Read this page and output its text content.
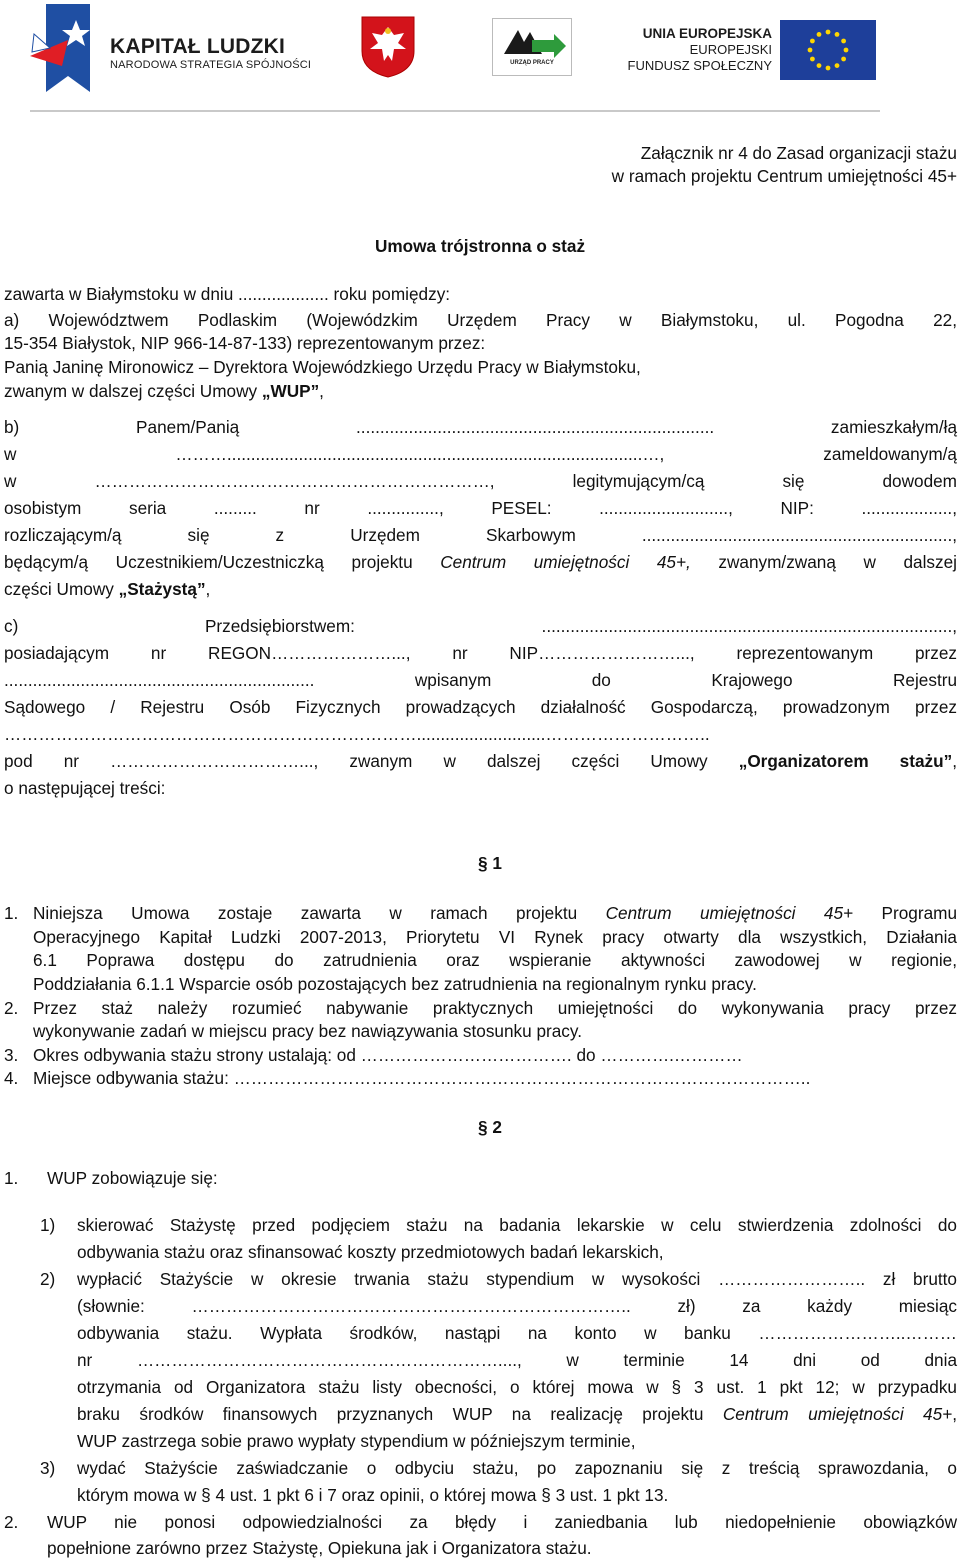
KAPITAŁ LUDZKI
NARODOWA STRATEGIA SPÓJNOŚCI	URZĄD PRACY
UNIA EUROPEJSKA
EUROPEJSKI
FUNDUSZ SPOŁECZNY
Załącznik nr 4 do Zasad organizacji stażu
w ramach projektu Centrum umiejętności 45+
Umowa trójstronna o staż
zawarta w Białymstoku w dniu ................... roku pomiędzy:
a) Województwem Podlaskim (Wojewódzkim Urzędem Pracy w Białymstoku, ul. Pogodna 22,
15-354 Białystok, NIP 966-14-87-133) reprezentowanym przez:
Panią Janinę Mironowicz – Dyrektora Wojewódzkiego Urzędu Pracy w Białymstoku,
zwanym w dalszej części Umowy „WUP”,
b) Panem/Panią ........................................................................... zamieszkałym/łą
w ……….......................................................................................…, zameldowanym/ą
w ……………………………………………………………, legitymującym/cą się dowodem
osobistym seria ......... nr ..............., PESEL: ..........................., NIP: ...................,
rozliczającym/ą się z Urzędem Skarbowym .................................................................,
będącym/ą Uczestnikiem/Uczestniczką projektu Centrum umiejętności 45+, zwanym/zwaną w dalszej
części Umowy „Stażystą”,
c) Przedsiębiorstwem: ......................................................................................,
posiadającym nr REGON…………………..., nr NIP……………………..., reprezentowanym przez
................................................................. wpisanym do Krajowego Rejestru
Sądowego / Rejestru Osób Fizycznych prowadzących działalność Gospodarczą, prowadzonym przez
………………………………………………………………...........................………………………..
pod nr ……………………………..., zwanym w dalszej części Umowy „Organizatorem stażu”,
o następującej treści:
§ 1
1. Niniejsza Umowa zostaje zawarta w ramach projektu Centrum umiejętności 45+ Programu
Operacyjnego Kapitał Ludzki 2007-2013, Priorytetu VI Rynek pracy otwarty dla wszystkich, Działania
6.1 Poprawa dostępu do zatrudnienia oraz wspieranie aktywności zawodowej w regionie,
Poddziałania 6.1.1 Wsparcie osób pozostających bez zatrudnienia na regionalnym rynku pracy.
2. Przez staż należy rozumieć nabywanie praktycznych umiejętności do wykonywania pracy przez
wykonywanie zadań w miejscu pracy bez nawiązywania stosunku pracy.
3. Okres odbywania stażu strony ustalają: od ………………………………. do ………….…………
4. Miejsce odbywania stażu: ………………………………………………………………………………………..
§ 2
1. WUP zobowiązuje się:
1) skierować Stażystę przed podjęciem stażu na badania lekarskie w celu stwierdzenia zdolności do
odbywania stażu oraz sfinansować koszty przedmiotowych badań lekarskich,
2) wypłacić Stażyście w okresie trwania stażu stypendium w wysokości …………………….. zł brutto
(słownie: ………………………………………………………………….. zł) za każdy miesiąc
odbywania stażu. Wypłata środków, nastąpi na konto w banku ……………………..………
nr ………………………………………………………...., w terminie 14 dni od dnia
otrzymania od Organizatora stażu listy obecności, o której mowa w § 3 ust. 1 pkt 12; w przypadku
braku środków finansowych przyznanych WUP na realizację projektu Centrum umiejętności 45+,
WUP zastrzega sobie prawo wypłaty stypendium w późniejszym terminie,
3) wydać Stażyście zaświadczanie o odbyciu stażu, po zapoznaniu się z treścią sprawozdania, o
którym mowa w § 4 ust. 1 pkt 6 i 7 oraz opinii, o której mowa § 3 ust. 1 pkt 13.
2. WUP nie ponosi odpowiedzialności za błędy i zaniedbania lub niedopełnienie obowiązków
popełnione zarówno przez Stażystę, Opiekuna jak i Organizatora stażu.
